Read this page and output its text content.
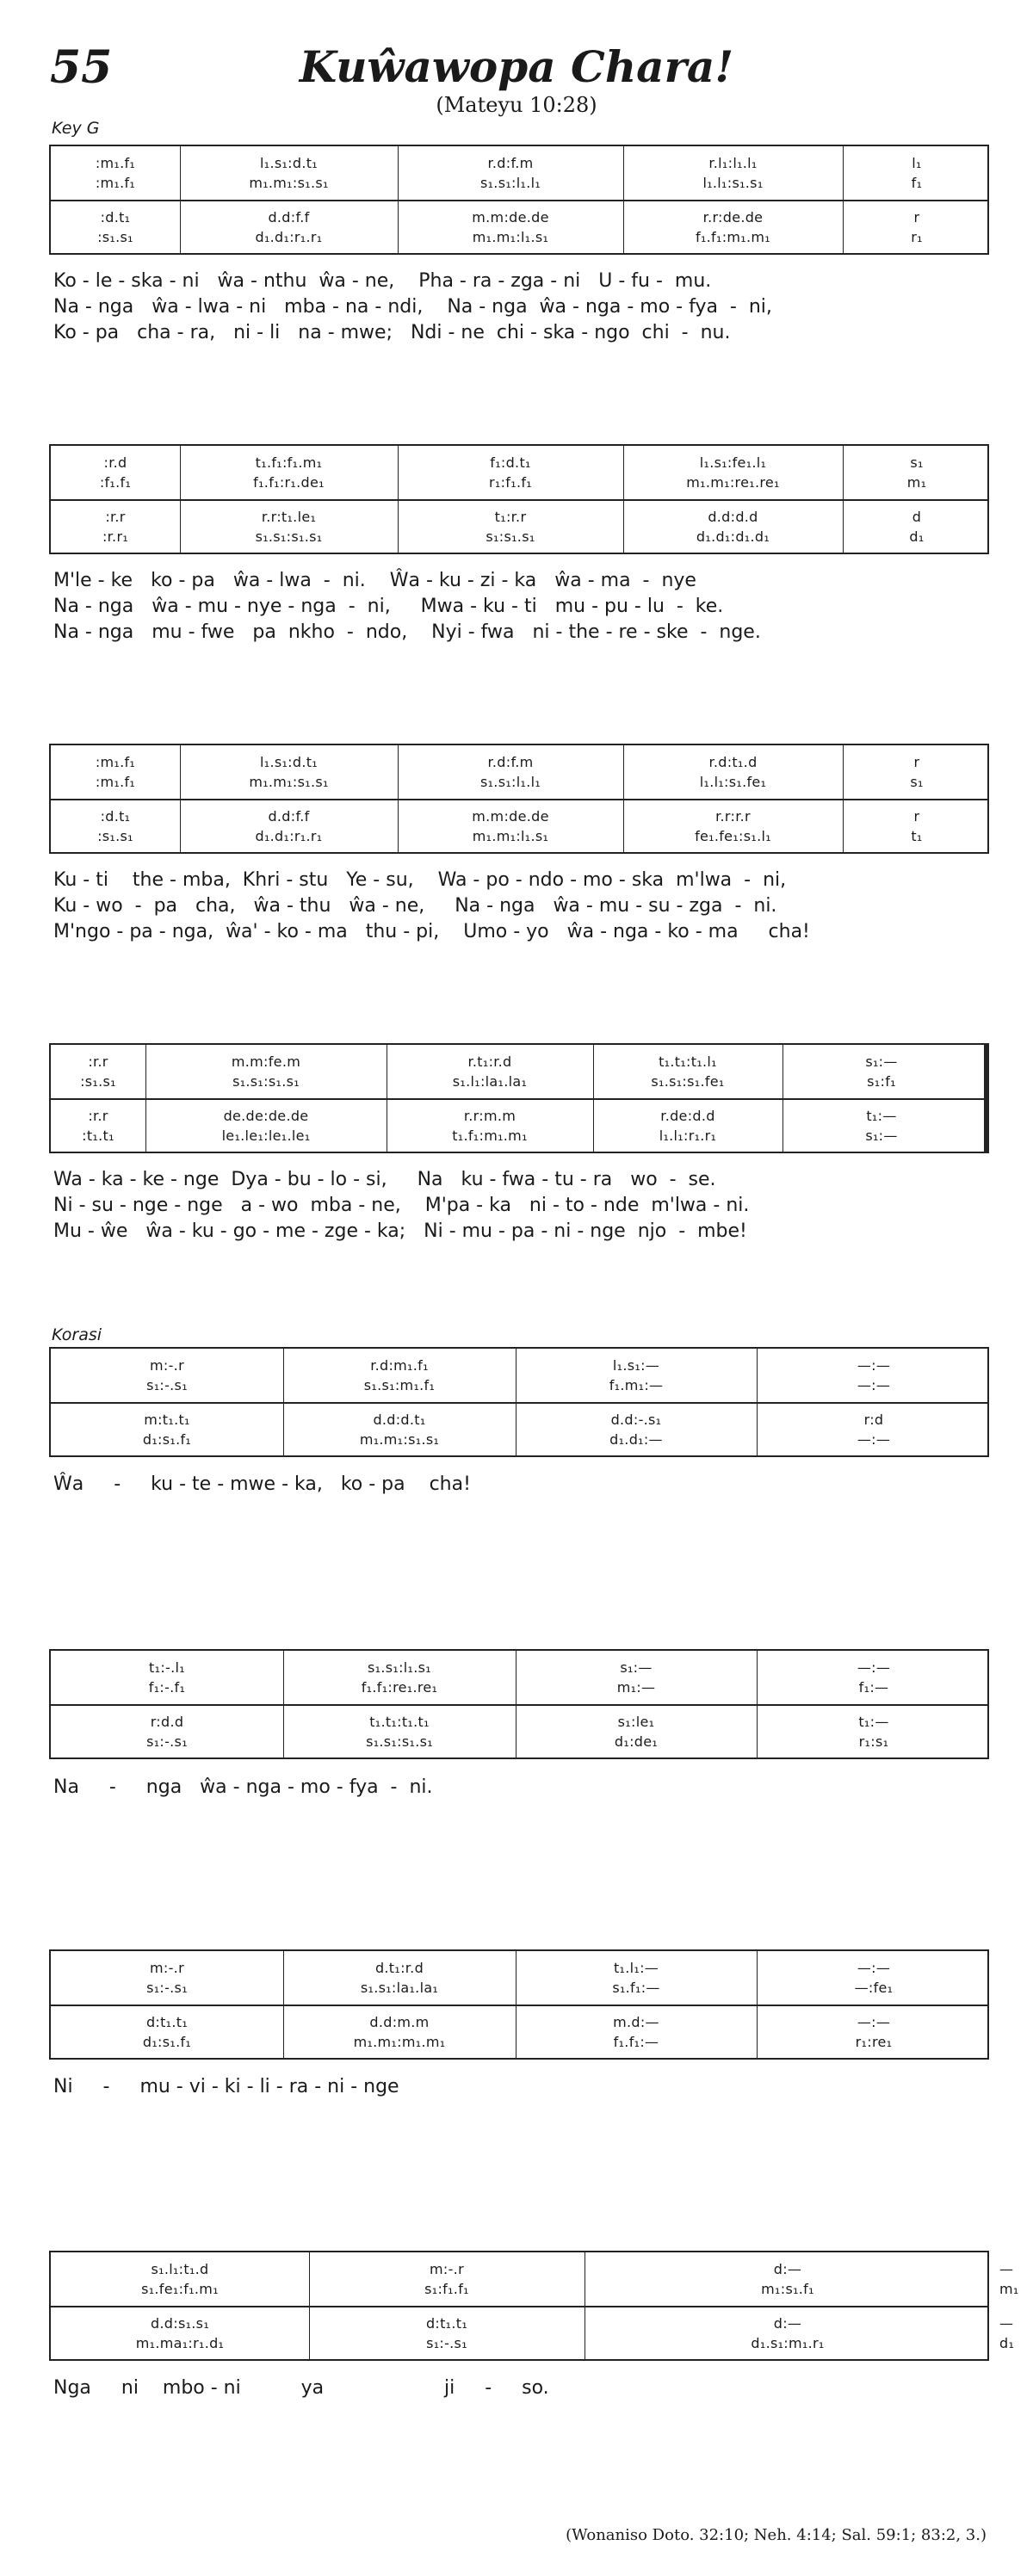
55	Kuŵawopa Chara!
(Mateyu 10:28)
Key G
Korasi
:m₁.f₁	l₁.s₁:d.t₁	r.d:f.m	r.l₁:l₁.l₁	l₁
:m₁.f₁	m₁.m₁:s₁.s₁	s₁.s₁:l₁.l₁	l₁.l₁:s₁.s₁	f₁
:d.t₁	d.d:f.f	m.m:de.de	r.r:de.de	r
:s₁.s₁	d₁.d₁:r₁.r₁	m₁.m₁:l₁.s₁	f₁.f₁:m₁.m₁	r₁
Ko - le - ska - ni   ŵa - nthu  ŵa - ne,    Pha - ra - zga - ni   U - fu -  mu.
Na - nga   ŵa - lwa - ni   mba - na - ndi,    Na - nga  ŵa - nga - mo - fya  -  ni,
Ko - pa   cha - ra,   ni - li   na - mwe;   Ndi - ne  chi - ska - ngo  chi  -  nu.
:r.d	t₁.f₁:f₁.m₁	f₁:d.t₁	l₁.s₁:fe₁.l₁	s₁
:f₁.f₁	f₁.f₁:r₁.de₁	r₁:f₁.f₁	m₁.m₁:re₁.re₁	m₁
:r.r	r.r:t₁.le₁	t₁:r.r	d.d:d.d	d
:r.r₁	s₁.s₁:s₁.s₁	s₁:s₁.s₁	d₁.d₁:d₁.d₁	d₁
M'le - ke   ko - pa   ŵa - lwa  -  ni.    Ŵa - ku - zi - ka   ŵa - ma  -  nye
Na - nga   ŵa - mu - nye - nga  -  ni,     Mwa - ku - ti   mu - pu - lu  -  ke.
Na - nga   mu - fwe   pa  nkho  -  ndo,    Nyi - fwa   ni - the - re - ske  -  nge.
:m₁.f₁	l₁.s₁:d.t₁	r.d:f.m	r.d:t₁.d	r
:m₁.f₁	m₁.m₁:s₁.s₁	s₁.s₁:l₁.l₁	l₁.l₁:s₁.fe₁	s₁
:d.t₁	d.d:f.f	m.m:de.de	r.r:r.r	r
:s₁.s₁	d₁.d₁:r₁.r₁	m₁.m₁:l₁.s₁	fe₁.fe₁:s₁.l₁	t₁
Ku - ti    the - mba,  Khri - stu   Ye - su,    Wa - po - ndo - mo - ska  m'lwa  -  ni,
Ku - wo  -  pa   cha,   ŵa - thu   ŵa - ne,     Na - nga   ŵa - mu - su - zga  -  ni.
M'ngo - pa - nga,  ŵa' - ko - ma   thu - pi,    Umo - yo   ŵa - nga - ko - ma     cha!
:r.r	m.m:fe.m	r.t₁:r.d	t₁.t₁:t₁.l₁	s₁:—
:s₁.s₁	s₁.s₁:s₁.s₁	s₁.l₁:la₁.la₁	s₁.s₁:s₁.fe₁	s₁:f₁
:r.r	de.de:de.de	r.r:m.m	r.de:d.d	t₁:—
:t₁.t₁	le₁.le₁:le₁.le₁	t₁.f₁:m₁.m₁	l₁.l₁:r₁.r₁	s₁:—
Wa - ka - ke - nge  Dya - bu - lo - si,     Na   ku - fwa - tu - ra   wo  -  se.
Ni - su - nge - nge   a - wo  mba - ne,    M'pa - ka   ni - to - nde  m'lwa - ni.
Mu - ŵe   ŵa - ku - go - me - zge - ka;   Ni - mu - pa - ni - nge  njo  -  mbe!
m:-.r	r.d:m₁.f₁	l₁.s₁:—	—:—
s₁:-.s₁	s₁.s₁:m₁.f₁	f₁.m₁:—	—:—
m:t₁.t₁	d.d:d.t₁	d.d:-.s₁	r:d
d₁:s₁.f₁	m₁.m₁:s₁.s₁	d₁.d₁:—	—:—
Ŵa     -     ku - te - mwe - ka,   ko - pa    cha!
t₁:-.l₁	s₁.s₁:l₁.s₁	s₁:—	—:—
f₁:-.f₁	f₁.f₁:re₁.re₁	m₁:—	f₁:—
r:d.d	t₁.t₁:t₁.t₁	s₁:le₁	t₁:—
s₁:-.s₁	s₁.s₁:s₁.s₁	d₁:de₁	r₁:s₁
Na     -     nga   ŵa - nga - mo - fya  -  ni.
m:-.r	d.t₁:r.d	t₁.l₁:—	—:—
s₁:-.s₁	s₁.s₁:la₁.la₁	s₁.f₁:—	—:fe₁
d:t₁.t₁	d.d:m.m	m.d:—	—:—
d₁:s₁.f₁	m₁.m₁:m₁.m₁	f₁.f₁:—	r₁:re₁
Ni     -     mu - vi - ki - li - ra - ni - nge
s₁.l₁:t₁.d	m:-.r	d:—	—
s₁.fe₁:f₁.m₁	s₁:f₁.f₁	m₁:s₁.f₁	m₁
d.d:s₁.s₁	d:t₁.t₁	d:—	—
m₁.ma₁:r₁.d₁	s₁:-.s₁	d₁.s₁:m₁.r₁	d₁
Nga     ni    mbo - ni          ya                    ji     -     so.
(Wonaniso Doto. 32:10; Neh. 4:14; Sal. 59:1; 83:2, 3.)
